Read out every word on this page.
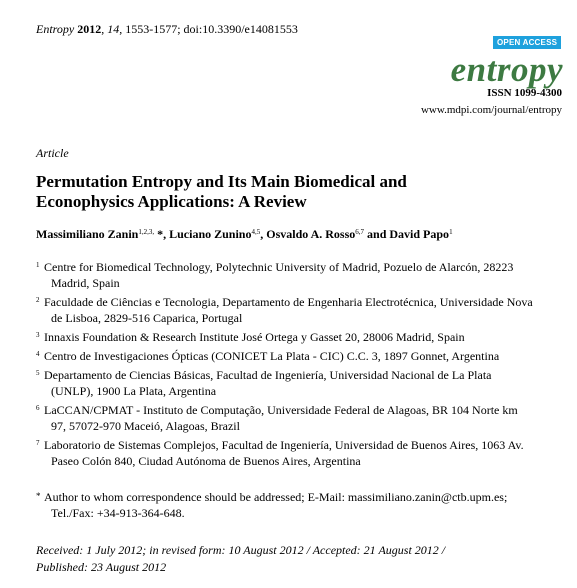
Entropy 2012, 14, 1553-1577; doi:10.3390/e14081553
OPEN ACCESS
entropy
ISSN 1099-4300
www.mdpi.com/journal/entropy
Article
Permutation Entropy and Its Main Biomedical and Econophysics Applications: A Review
Massimiliano Zanin$^{1,2,3,}$ *, Luciano Zunino$^{4,5}$, Osvaldo A. Rosso$^{6,7}$ and David Papo$^1$
1 Centre for Biomedical Technology, Polytechnic University of Madrid, Pozuelo de Alarcón, 28223
Madrid, Spain
2 Faculdade de Ciências e Tecnologia, Departamento de Engenharia Electrotécnica, Universidade Nova
de Lisboa, 2829-516 Caparica, Portugal
3 Innaxis Foundation & Research Institute José Ortega y Gasset 20, 28006 Madrid, Spain
4 Centro de Investigaciones Ópticas (CONICET La Plata - CIC) C.C. 3, 1897 Gonnet, Argentina
5 Departamento de Ciencias Básicas, Facultad de Ingeniería, Universidad Nacional de La Plata
(UNLP), 1900 La Plata, Argentina
6 LaCCAN/CPMAT - Instituto de Computação, Universidade Federal de Alagoas, BR 104 Norte km
97, 57072-970 Maceió, Alagoas, Brazil
7 Laboratorio de Sistemas Complejos, Facultad de Ingeniería, Universidad de Buenos Aires, 1063 Av.
Paseo Colón 840, Ciudad Autónoma de Buenos Aires, Argentina
* Author to whom correspondence should be addressed; E-Mail: massimiliano.zanin@ctb.upm.es;
Tel./Fax: +34-913-364-648.
Received: 1 July 2012; in revised form: 10 August 2012 / Accepted: 21 August 2012 /
Published: 23 August 2012
